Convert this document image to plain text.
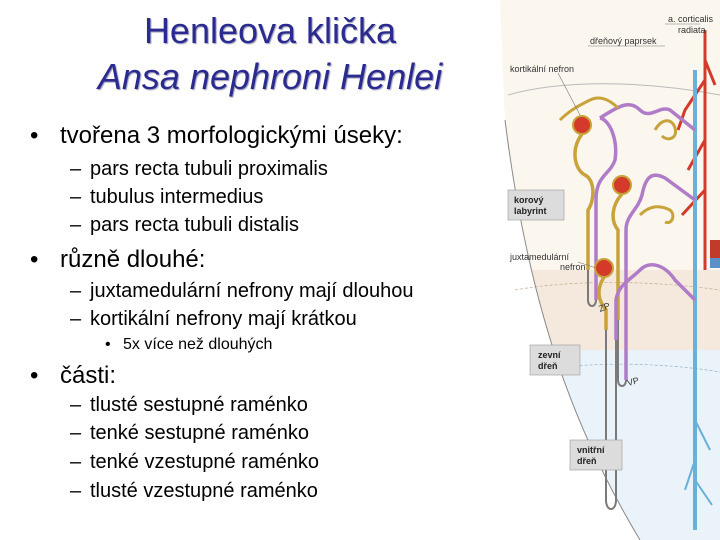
Henleova klička
Ansa nephroni Henlei
• tvořena 3 morfologickými úseky:
– pars recta tubuli proximalis
– tubulus intermedius
– pars recta tubuli distalis
• různě dlouhé:
– juxtamedulární nefrony mají dlouhou
– kortikální nefrony mají krátkou
• 5x více než dlouhých
• části:
– tlusté sestupné raménko
– tenké sestupné raménko
– tenké vzestupné raménko
– tlusté vzestupné raménko
a. corticalis
radiata
dřeňový paprsek
kortikální nefron
juxtamedulární
nefron
ZP
VP
korový
labyrint
zevní
dřeň
vnitřní
dřeň
